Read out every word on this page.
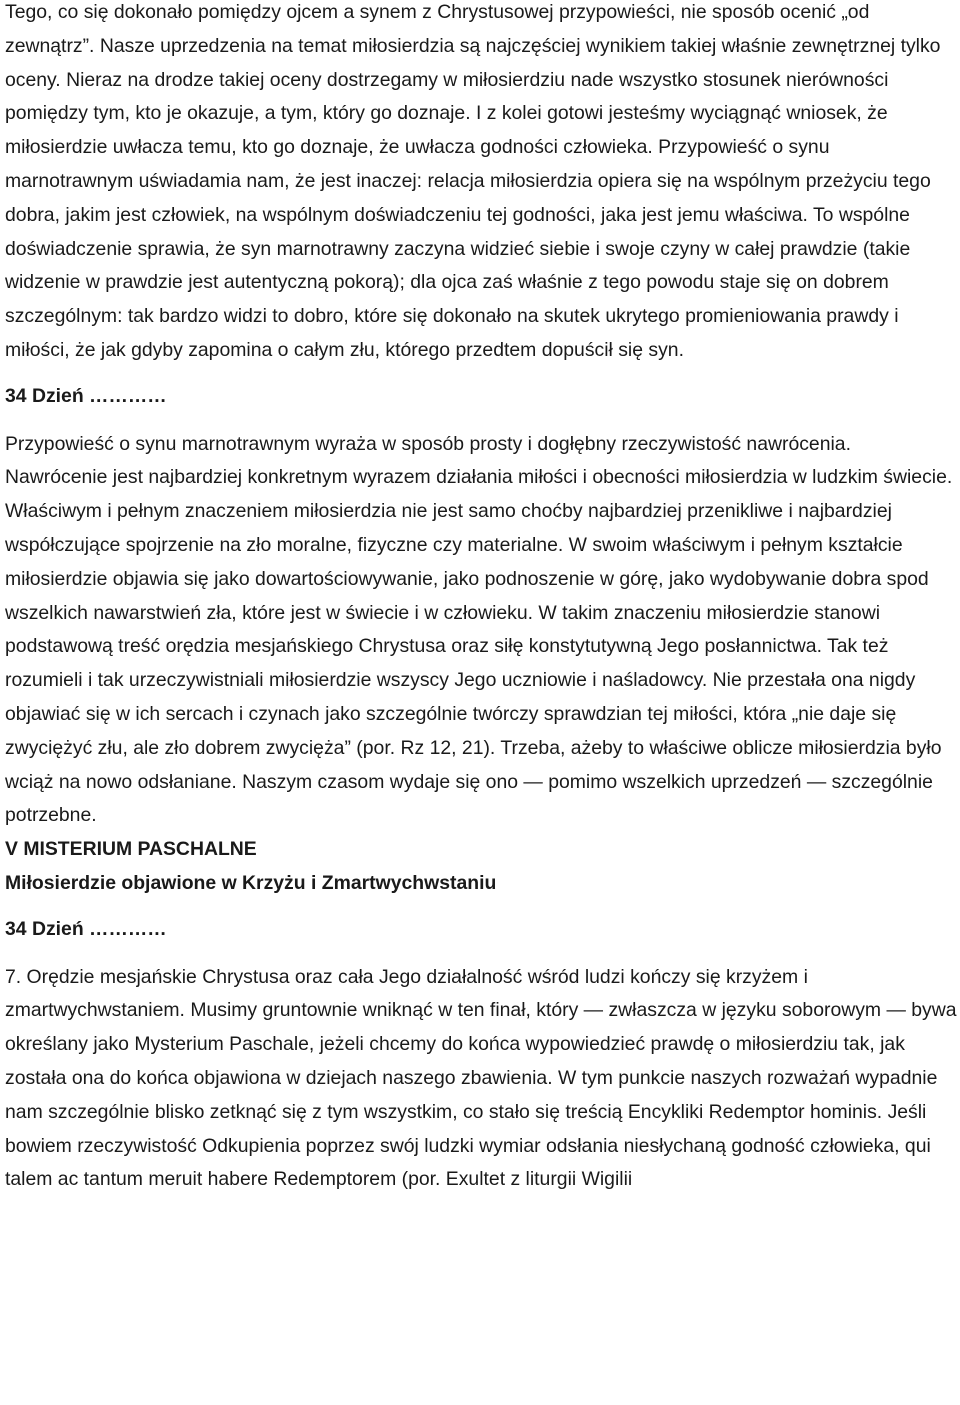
Tego, co się dokonało pomiędzy ojcem a synem z Chrystusowej przypowieści, nie sposób ocenić „od zewnątrz”. Nasze uprzedzenia na temat miłosierdzia są najczęściej wynikiem takiej właśnie zewnętrznej tylko oceny. Nieraz na drodze takiej oceny dostrzegamy w miłosierdziu nade wszystko stosunek nierówności pomiędzy tym, kto je okazuje, a tym, który go doznaje. I z kolei gotowi jesteśmy wyciągnąć wniosek, że miłosierdzie uwłacza temu, kto go doznaje, że uwłacza godności człowieka. Przypowieść o synu marnotrawnym uświadamia nam, że jest inaczej: relacja miłosierdzia opiera się na wspólnym przeżyciu tego dobra, jakim jest człowiek, na wspólnym doświadczeniu tej godności, jaka jest jemu właściwa. To wspólne doświadczenie sprawia, że syn marnotrawny zaczyna widzieć siebie i swoje czyny w całej prawdzie (takie widzenie w prawdzie jest autentyczną pokorą); dla ojca zaś właśnie z tego powodu staje się on dobrem szczególnym: tak bardzo widzi to dobro, które się dokonało na skutek ukrytego promieniowania prawdy i miłości, że jak gdyby zapomina o całym złu, którego przedtem dopuścił się syn.

34 Dzień …………

Przypowieść o synu marnotrawnym wyraża w sposób prosty i dogłębny rzeczywistość nawrócenia. Nawrócenie jest najbardziej konkretnym wyrazem działania miłości i obecności miłosierdzia w ludzkim świecie. Właściwym i pełnym znaczeniem miłosierdzia nie jest samo choćby najbardziej przenikliwe i najbardziej współczujące spojrzenie na zło moralne, fizyczne czy materialne. W swoim właściwym i pełnym kształcie miłosierdzie objawia się jako dowartościowywanie, jako podnoszenie w górę, jako wydobywanie dobra spod wszelkich nawarstwień zła, które jest w świecie i w człowieku. W takim znaczeniu miłosierdzie stanowi podstawową treść orędzia mesjańskiego Chrystusa oraz siłę konstytutywną Jego posłannictwa. Tak też rozumieli i tak urzeczywistniali miłosierdzie wszyscy Jego uczniowie i naśladowcy. Nie przestała ona nigdy objawiać się w ich sercach i czynach jako szczególnie twórczy sprawdzian tej miłości, która „nie daje się zwyciężyć złu, ale zło dobrem zwycięża” (por. Rz 12, 21). Trzeba, ażeby to właściwe oblicze miłosierdzia było wciąż na nowo odsłaniane. Naszym czasom wydaje się ono — pomimo wszelkich uprzedzeń — szczególnie potrzebne.

V MISTERIUM PASCHALNE

Miłosierdzie objawione w Krzyżu i Zmartwychwstaniu

34 Dzień …………

7. Orędzie mesjańskie Chrystusa oraz cała Jego działalność wśród ludzi kończy się krzyżem i zmartwychwstaniem. Musimy gruntownie wniknąć w ten finał, który — zwłaszcza w języku soborowym — bywa określany jako Mysterium Paschale, jeżeli chcemy do końca wypowiedzieć prawdę o miłosierdziu tak, jak została ona do końca objawiona w dziejach naszego zbawienia. W tym punkcie naszych rozważań wypadnie nam szczególnie blisko zetknąć się z tym wszystkim, co stało się treścią Encykliki Redemptor hominis. Jeśli bowiem rzeczywistość Odkupienia poprzez swój ludzki wymiar odsłania niesłychaną godność człowieka, qui talem ac tantum meruit habere Redemptorem (por. Exultet z liturgii Wigilii
